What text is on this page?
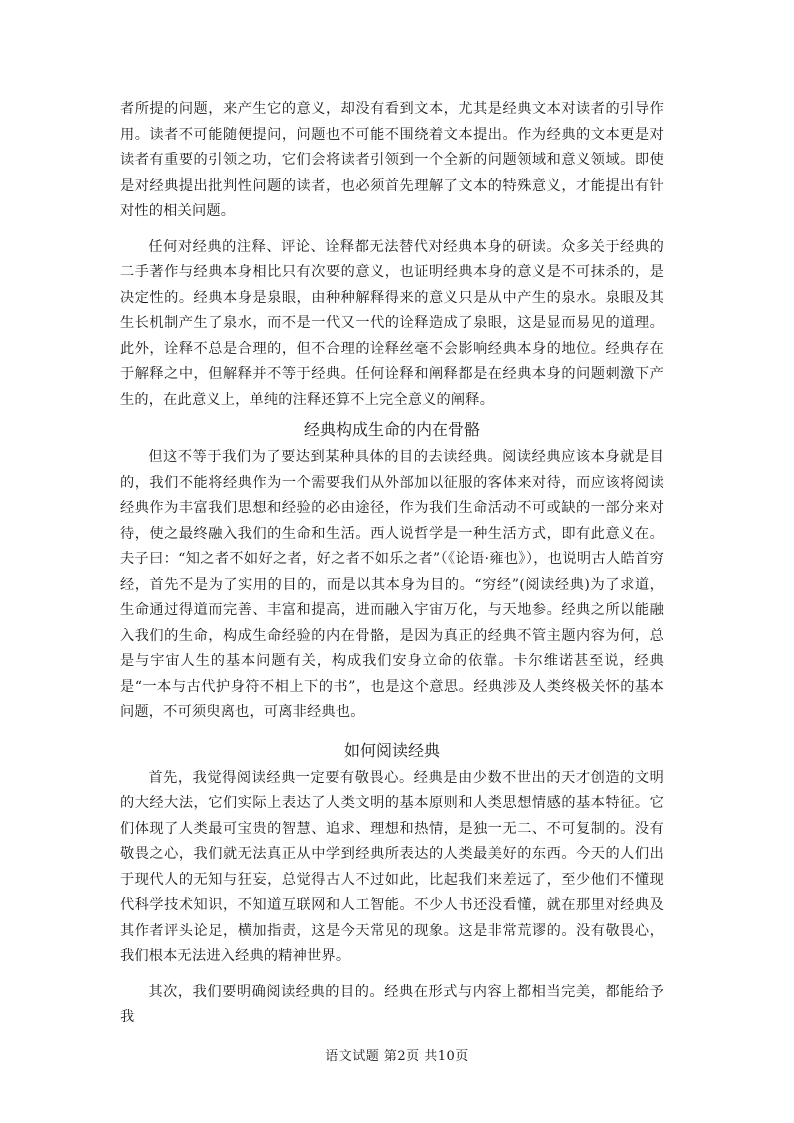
者所提的问题，来产生它的意义，却没有看到文本，尤其是经典文本对读者的引导作用。读者不可能随便提问，问题也不可能不围绕着文本提出。作为经典的文本更是对读者有重要的引领之功，它们会将读者引领到一个全新的问题领域和意义领域。即使是对经典提出批判性问题的读者，也必须首先理解了文本的特殊意义，才能提出有针对性的相关问题。

任何对经典的注释、评论、诠释都无法替代对经典本身的研读。众多关于经典的二手著作与经典本身相比只有次要的意义，也证明经典本身的意义是不可抹杀的，是决定性的。经典本身是泉眼，由种种解释得来的意义只是从中产生的泉水。泉眼及其生长机制产生了泉水，而不是一代又一代的诠释造成了泉眼，这是显而易见的道理。此外，诠释不总是合理的，但不合理的诠释丝毫不会影响经典本身的地位。经典存在于解释之中，但解释并不等于经典。任何诠释和阐释都是在经典本身的问题刺激下产生的，在此意义上，单纯的注释还算不上完全意义的阐释。

经典构成生命的内在骨骼

但这不等于我们为了要达到某种具体的目的去读经典。阅读经典应该本身就是目的，我们不能将经典作为一个需要我们从外部加以征服的客体来对待，而应该将阅读经典作为丰富我们思想和经验的必由途径，作为我们生命活动不可或缺的一部分来对待，使之最终融入我们的生命和生活。西人说哲学是一种生活方式，即有此意义在。夫子曰：“知之者不如好之者，好之者不如乐之者”（《论语·雍也》），也说明古人皓首穷经，首先不是为了实用的目的，而是以其本身为目的。“穷经”(阅读经典)为了求道，生命通过得道而完善、丰富和提高，进而融入宇宙万化，与天地参。经典之所以能融入我们的生命，构成生命经验的内在骨骼，是因为真正的经典不管主题内容为何，总是与宇宙人生的基本问题有关，构成我们安身立命的依靠。卡尔维诺甚至说，经典是“一本与古代护身符不相上下的书”，也是这个意思。经典涉及人类终极关怀的基本问题，不可须臾离也，可离非经典也。

如何阅读经典

首先，我觉得阅读经典一定要有敬畏心。经典是由少数不世出的天才创造的文明的大经大法，它们实际上表达了人类文明的基本原则和人类思想情感的基本特征。它们体现了人类最可宝贵的智慧、追求、理想和热情，是独一无二、不可复制的。没有敬畏之心，我们就无法真正从中学到经典所表达的人类最美好的东西。今天的人们出于现代人的无知与狂妄，总觉得古人不过如此，比起我们来差远了，至少他们不懂现代科学技术知识，不知道互联网和人工智能。不少人书还没看懂，就在那里对经典及其作者评头论足，横加指责，这是今天常见的现象。这是非常荒谬的。没有敬畏心，我们根本无法进入经典的精神世界。

其次，我们要明确阅读经典的目的。经典在形式与内容上都相当完美，都能给予我

语文试题 第2页 共10页
